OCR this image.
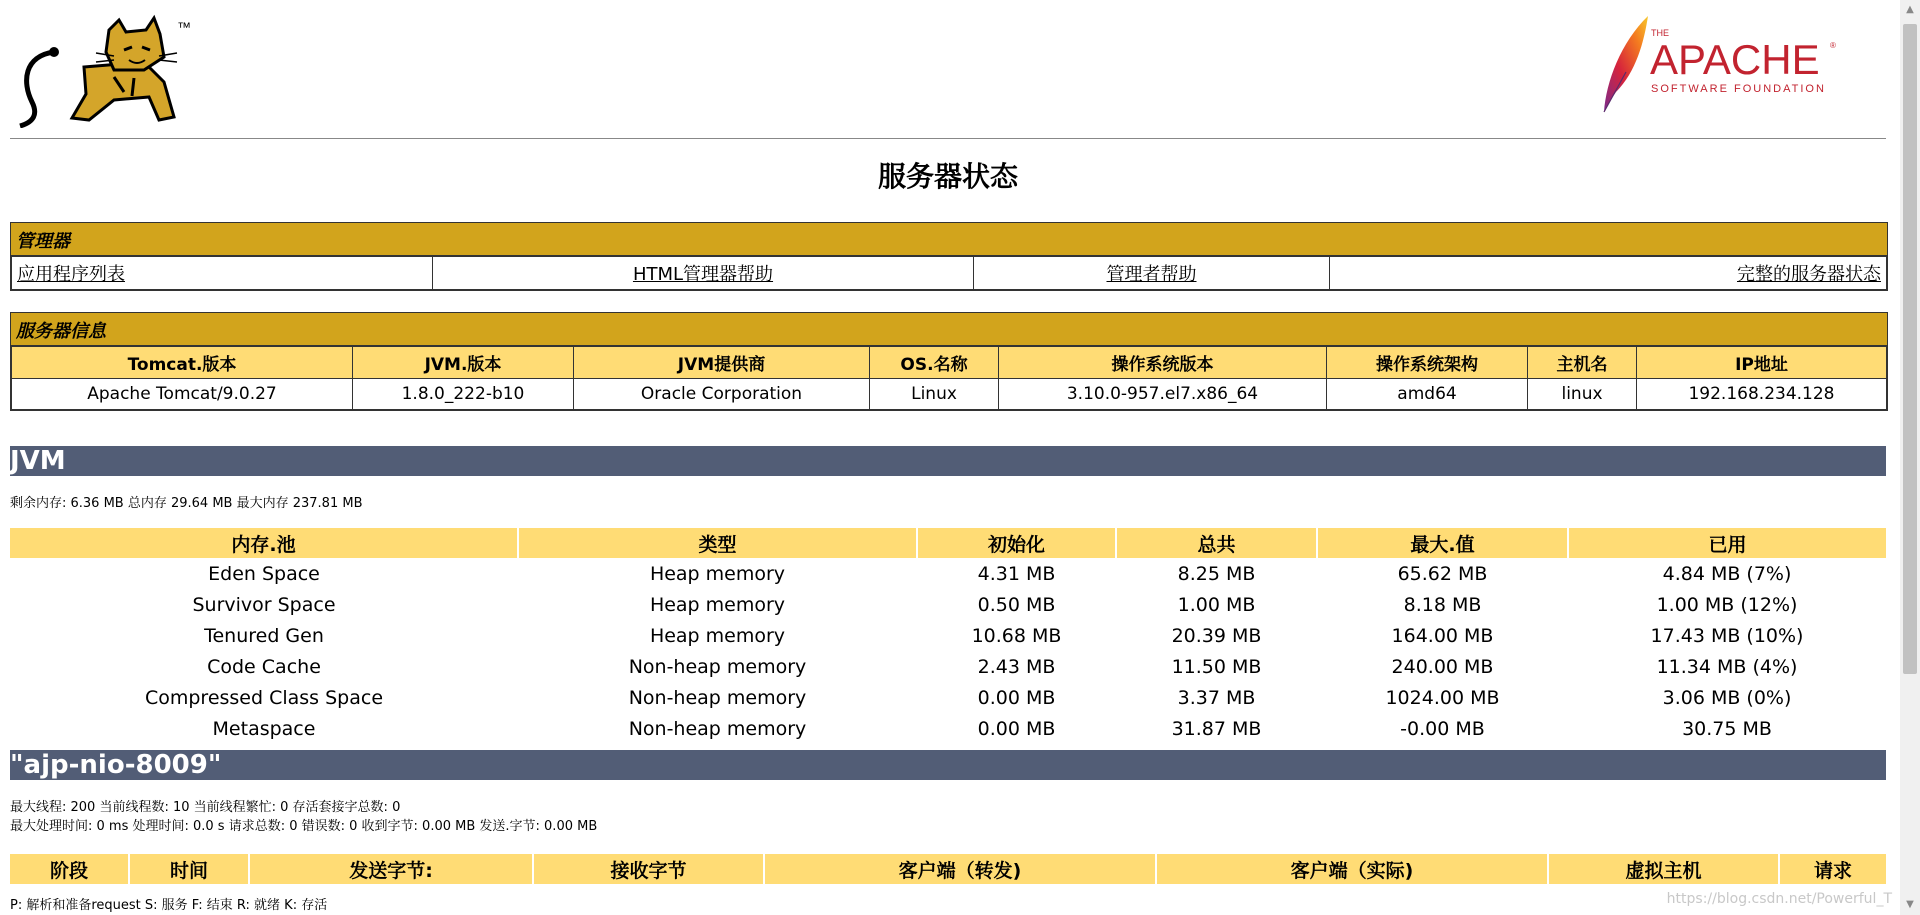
™	THE
APACHE ®
SOFTWARE FOUNDATION
服务器状态
管理器
应用程序列表	HTML管理器帮助	管理者帮助	完整的服务器状态
服务器信息
Tomcat.版本	JVM.版本	JVM提供商	OS.名称	操作系统版本	操作系统架构	主机名	IP地址
Apache Tomcat/9.0.27	1.8.0_222-b10	Oracle Corporation	Linux	3.10.0-957.el7.x86_64	amd64	linux	192.168.234.128
JVM
剩余内存: 6.36 MB 总内存 29.64 MB 最大内存 237.81 MB
内存.池	类型	初始化	总共	最大.值	已用
Eden Space	Heap memory	4.31 MB	8.25 MB	65.62 MB	4.84 MB (7%)
Survivor Space	Heap memory	0.50 MB	1.00 MB	8.18 MB	1.00 MB (12%)
Tenured Gen	Heap memory	10.68 MB	20.39 MB	164.00 MB	17.43 MB (10%)
Code Cache	Non-heap memory	2.43 MB	11.50 MB	240.00 MB	11.34 MB (4%)
Compressed Class Space	Non-heap memory	0.00 MB	3.37 MB	1024.00 MB	3.06 MB (0%)
Metaspace	Non-heap memory	0.00 MB	31.87 MB	-0.00 MB	30.75 MB
"ajp-nio-8009"
最大线程: 200 当前线程数: 10 当前线程繁忙: 0 存活套接字总数: 0
最大处理时间: 0 ms 处理时间: 0.0 s 请求总数: 0 错误数: 0 收到字节: 0.00 MB 发送.字节: 0.00 MB
阶段	时间	发送字节:	接收字节	客户端（转发)	客户端（实际)	虚拟主机	请求
P: 解析和准备request S: 服务 F: 结束 R: 就绪 K: 存活
▲
▼
https://blog.csdn.net/Powerful_T
